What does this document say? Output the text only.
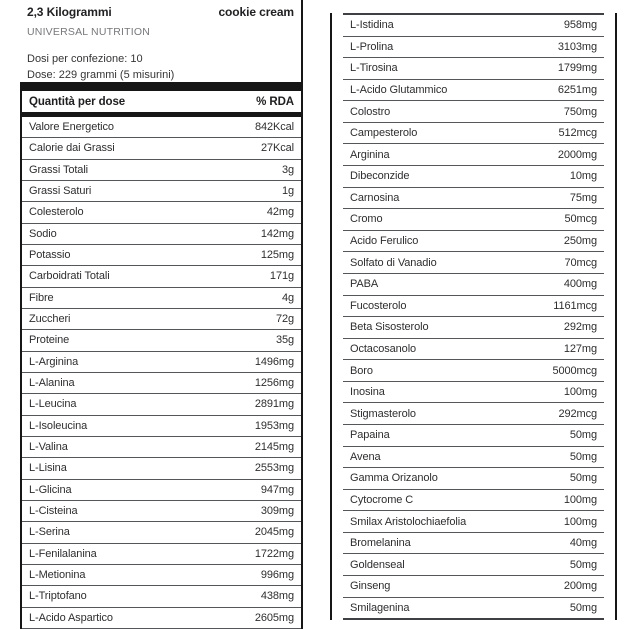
2,3 Kilogrammi	cookie cream
UNIVERSAL NUTRITION
Dosi per confezione: 10
Dose: 229 grammi (5 misurini)
Quantità per dose	% RDA
Valore Energetico	842Kcal
Calorie dai Grassi	27Kcal
Grassi Totali	3g
Grassi Saturi	1g
Colesterolo	42mg
Sodio	142mg
Potassio	125mg
Carboidrati Totali	171g
Fibre	4g
Zuccheri	72g
Proteine	35g
L-Arginina	1496mg
L-Alanina	1256mg
L-Leucina	2891mg
L-Isoleucina	1953mg
L-Valina	2145mg
L-Lisina	2553mg
L-Glicina	947mg
L-Cisteina	309mg
L-Serina	2045mg
L-Fenilalanina	1722mg
L-Metionina	996mg
L-Triptofano	438mg
L-Acido Aspartico	2605mg
L-Istidina	958mg
L-Prolina	3103mg
L-Tirosina	1799mg
L-Acido Glutammico	6251mg
Colostro	750mg
Campesterolo	512mcg
Arginina	2000mg
Dibeconzide	10mg
Carnosina	75mg
Cromo	50mcg
Acido Ferulico	250mg
Solfato di Vanadio	70mcg
PABA	400mg
Fucosterolo	1161mcg
Beta Sisosterolo	292mg
Octacosanolo	127mg
Boro	5000mcg
Inosina	100mg
Stigmasterolo	292mcg
Papaina	50mg
Avena	50mg
Gamma Orizanolo	50mg
Cytocrome C	100mg
Smilax Aristolochiaefolia	100mg
Bromelanina	40mg
Goldenseal	50mg
Ginseng	200mg
Smilagenina	50mg
